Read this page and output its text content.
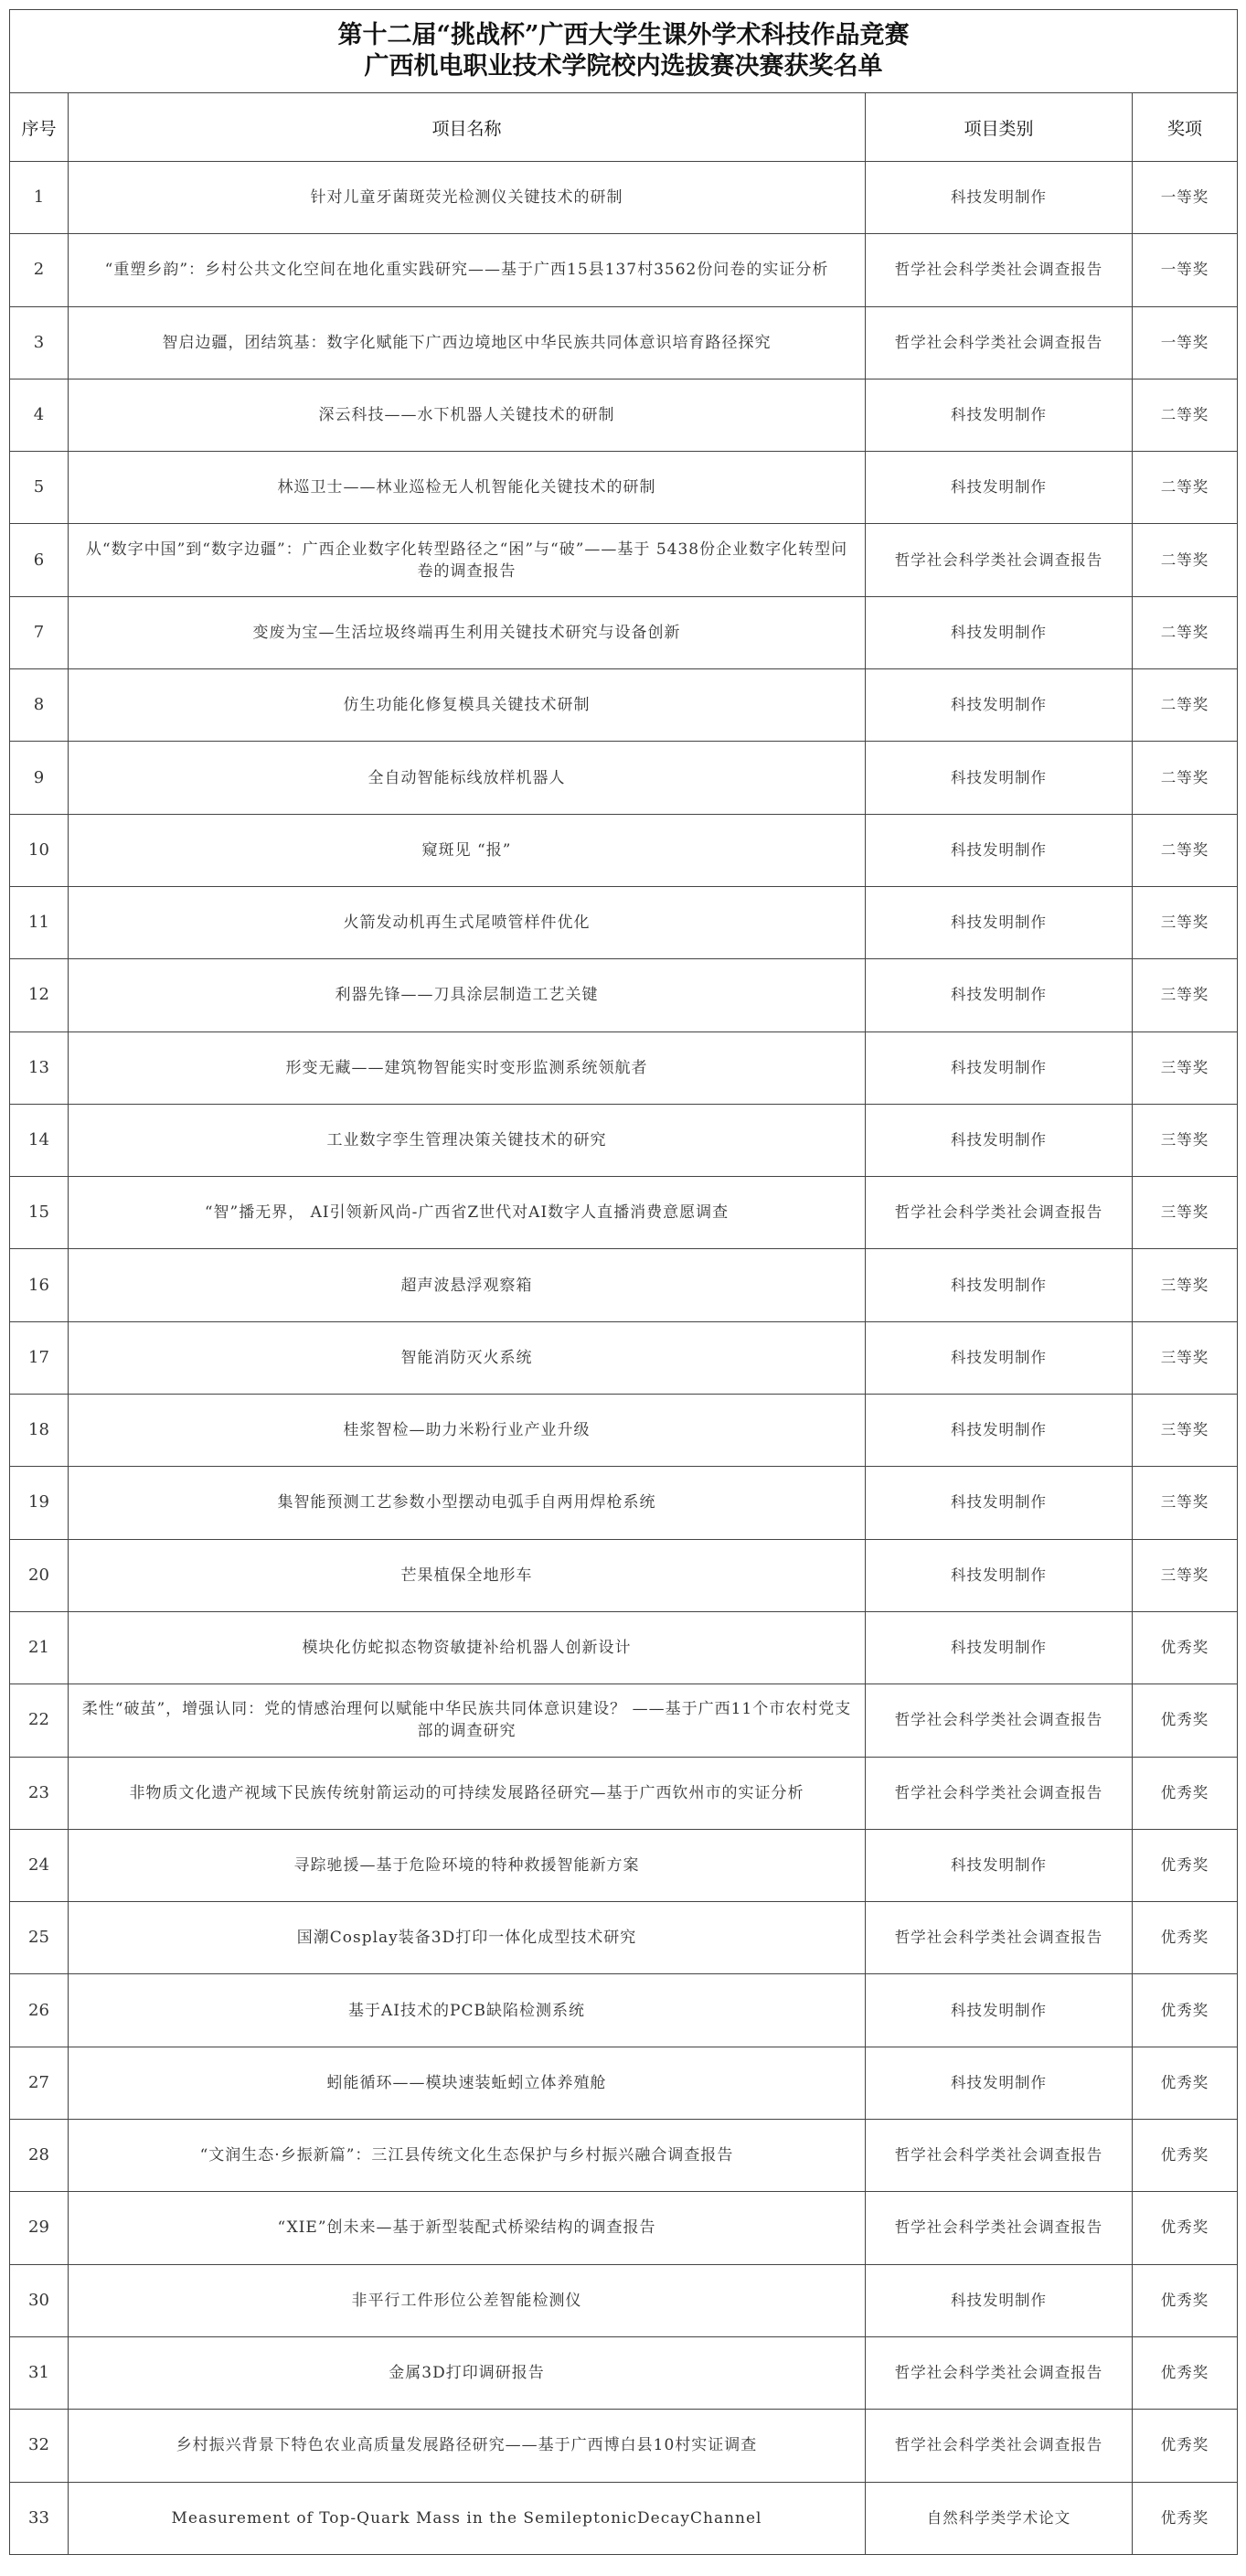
第十二届“挑战杯”广西大学生课外学术科技作品竞赛
广西机电职业技术学院校内选拔赛决赛获奖名单			

序号	项目名称	项目类别	奖项
1	针对儿童牙菌斑荧光检测仪关键技术的研制	科技发明制作	一等奖
2	“重塑乡韵”：乡村公共文化空间在地化重实践研究——基于广西15县137村3562份问卷的实证分析	哲学社会科学类社会调查报告	一等奖
3	智启边疆，团结筑基：数字化赋能下广西边境地区中华民族共同体意识培育路径探究	哲学社会科学类社会调查报告	一等奖
4	深云科技——水下机器人关键技术的研制	科技发明制作	二等奖
5	林巡卫士——林业巡检无人机智能化关键技术的研制	科技发明制作	二等奖
6	从“数字中国”到“数字边疆”：广西企业数字化转型路径之“困”与“破”——基于 5438份企业数字化转型问卷的调查报告	哲学社会科学类社会调查报告	二等奖
7	变废为宝—生活垃圾终端再生利用关键技术研究与设备创新	科技发明制作	二等奖
8	仿生功能化修复模具关键技术研制	科技发明制作	二等奖
9	全自动智能标线放样机器人	科技发明制作	二等奖
10	窥斑见 “报”	科技发明制作	二等奖
11	火箭发动机再生式尾喷管样件优化	科技发明制作	三等奖
12	利器先锋——刀具涂层制造工艺关键	科技发明制作	三等奖
13	形变无藏——建筑物智能实时变形监测系统领航者	科技发明制作	三等奖
14	工业数字孪生管理决策关键技术的研究	科技发明制作	三等奖
15	“智”播无界， AI引领新风尚-广西省Z世代对AI数字人直播消费意愿调查	哲学社会科学类社会调查报告	三等奖
16	超声波悬浮观察箱	科技发明制作	三等奖
17	智能消防灭火系统	科技发明制作	三等奖
18	桂浆智检—助力米粉行业产业升级	科技发明制作	三等奖
19	集智能预测工艺参数小型摆动电弧手自两用焊枪系统	科技发明制作	三等奖
20	芒果植保全地形车	科技发明制作	三等奖
21	模块化仿蛇拟态物资敏捷补给机器人创新设计	科技发明制作	优秀奖
22	柔性“破茧”，增强认同：党的情感治理何以赋能中华民族共同体意识建设？ ——基于广西11个市农村党支部的调查研究	哲学社会科学类社会调查报告	优秀奖
23	非物质文化遗产视域下民族传统射箭运动的可持续发展路径研究—基于广西钦州市的实证分析	哲学社会科学类社会调查报告	优秀奖
24	寻踪驰援—基于危险环境的特种救援智能新方案	科技发明制作	优秀奖
25	国潮Cosplay装备3D打印一体化成型技术研究	哲学社会科学类社会调查报告	优秀奖
26	基于AI技术的PCB缺陷检测系统	科技发明制作	优秀奖
27	蚓能循环——模块速装蚯蚓立体养殖舱	科技发明制作	优秀奖
28	“文润生态·乡振新篇”：三江县传统文化生态保护与乡村振兴融合调查报告	哲学社会科学类社会调查报告	优秀奖
29	“XIE”创未来—基于新型装配式桥梁结构的调查报告	哲学社会科学类社会调查报告	优秀奖
30	非平行工件形位公差智能检测仪	科技发明制作	优秀奖
31	金属3D打印调研报告	哲学社会科学类社会调查报告	优秀奖
32	乡村振兴背景下特色农业高质量发展路径研究——基于广西博白县10村实证调查	哲学社会科学类社会调查报告	优秀奖
33	Measurement of Top-Quark Mass in the SemileptonicDecayChannel	自然科学类学术论文	优秀奖
